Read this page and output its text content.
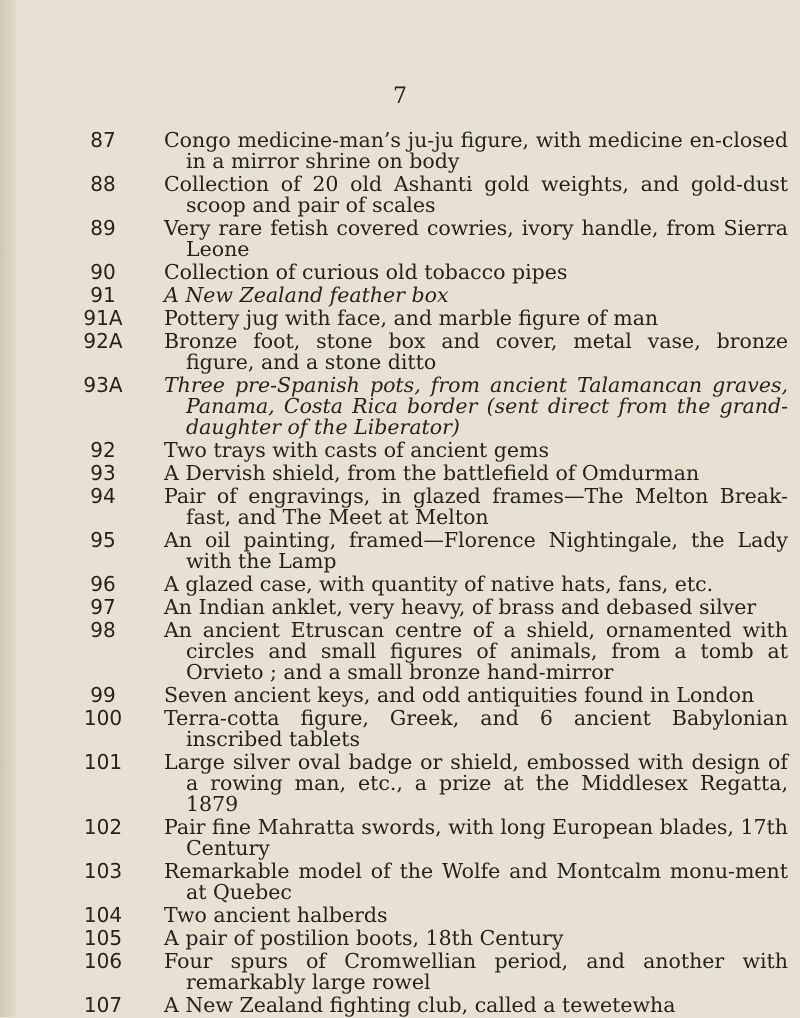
7
87	Congo medicine-man’s ju-ju figure, with medicine en-closed in a mirror shrine on body
88	Collection of 20 old Ashanti gold weights, and gold-dust scoop and pair of scales
89	Very rare fetish covered cowries, ivory handle, from Sierra Leone
90	Collection of curious old tobacco pipes
91	A New Zealand feather box
91A	Pottery jug with face, and marble figure of man
92A	Bronze foot, stone box and cover, metal vase, bronze figure, and a stone ditto
93A	Three pre-Spanish pots, from ancient Talamancan graves, Panama, Costa Rica border (sent direct from the grand-daughter of the Liberator)
92	Two trays with casts of ancient gems
93	A Dervish shield, from the battlefield of Omdurman
94	Pair of engravings, in glazed frames—The Melton Break-fast, and The Meet at Melton
95	An oil painting, framed—Florence Nightingale, the Lady with the Lamp
96	A glazed case, with quantity of native hats, fans, etc.
97	An Indian anklet, very heavy, of brass and debased silver
98	An ancient Etruscan centre of a shield, ornamented with circles and small figures of animals, from a tomb at Orvieto ; and a small bronze hand-mirror
99	Seven ancient keys, and odd antiquities found in London
100	Terra-cotta figure, Greek, and 6 ancient Babylonian inscribed tablets
101	Large silver oval badge or shield, embossed with design of a rowing man, etc., a prize at the Middlesex Regatta, 1879
102	Pair fine Mahratta swords, with long European blades, 17th Century
103	Remarkable model of the Wolfe and Montcalm monu-ment at Quebec
104	Two ancient halberds
105	A pair of postilion boots, 18th Century
106	Four spurs of Cromwellian period, and another with remarkably large rowel
107	A New Zealand fighting club, called a tewetewha
